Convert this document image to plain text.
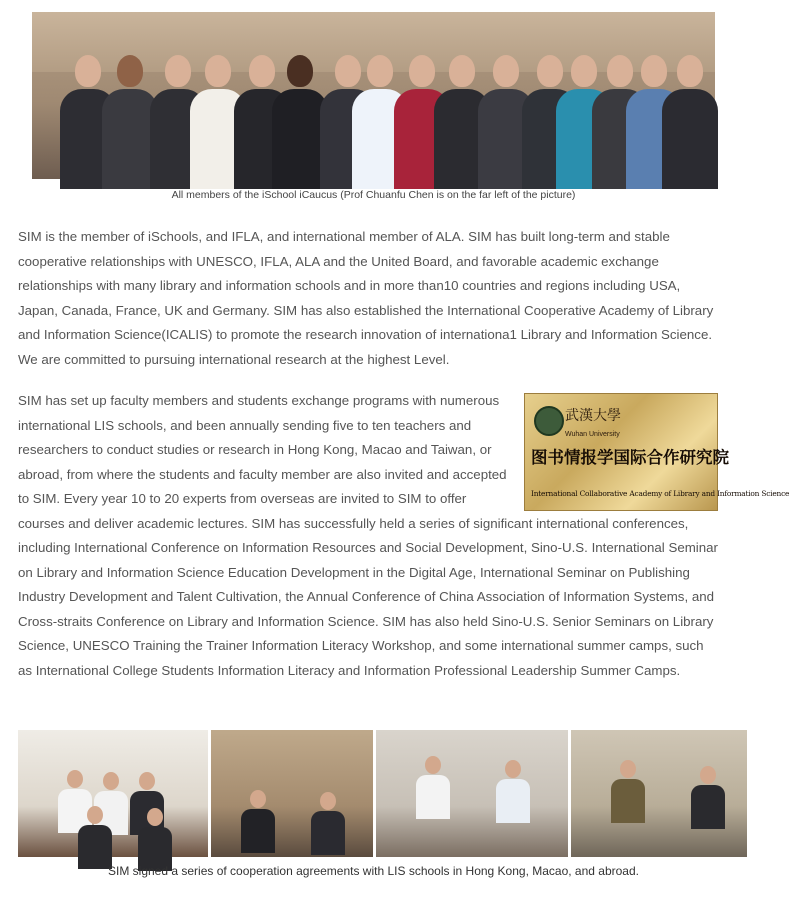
All members of the iSchool iCaucus (Prof Chuanfu Chen is on the far left of the picture)

SIM is the member of iSchools, and IFLA, and international member of ALA. SIM has built long-term and stable cooperative relationships with UNESCO, IFLA, ALA and the United Board, and favorable academic exchange relationships with many library and information schools and in more than10 countries and regions including USA, Japan, Canada, France, UK and Germany. SIM has also established the International Cooperative Academy of Library and Information Science(ICALIS) to promote the research innovation of internationa1 Library and Information Science. We are committed to pursuing international research at the highest Level.

武漢大學
Wuhan University
图书情报学国际合作研究院
International Collaborative Academy of Library and Information Science
SIM has set up faculty members and students exchange programs with numerous international LIS schools, and been annually sending five to ten teachers and researchers to conduct studies or research in Hong Kong, Macao and Taiwan, or abroad, from where the students and faculty member are also invited and accepted to SIM. Every year 10 to 20 experts from overseas are invited to SIM to offer courses and deliver academic lectures. SIM has successfully held a series of significant international conferences, including International Conference on Information Resources and Social Development, Sino-U.S. International Seminar on Library and Information Science Education Development in the Digital Age, International Seminar on Publishing Industry Development and Talent Cultivation, the Annual Conference of China Association of Information Systems, and Cross-straits Conference on Library and Information Science. SIM has also held Sino-U.S. Senior Seminars on Library Science, UNESCO Training the Trainer Information Literacy Workshop, and some international summer camps, such as International College Students Information Literacy and Information Professional Leadership Summer Camps.
SIM signed a series of cooperation agreements with LIS schools in Hong Kong, Macao, and abroad.
